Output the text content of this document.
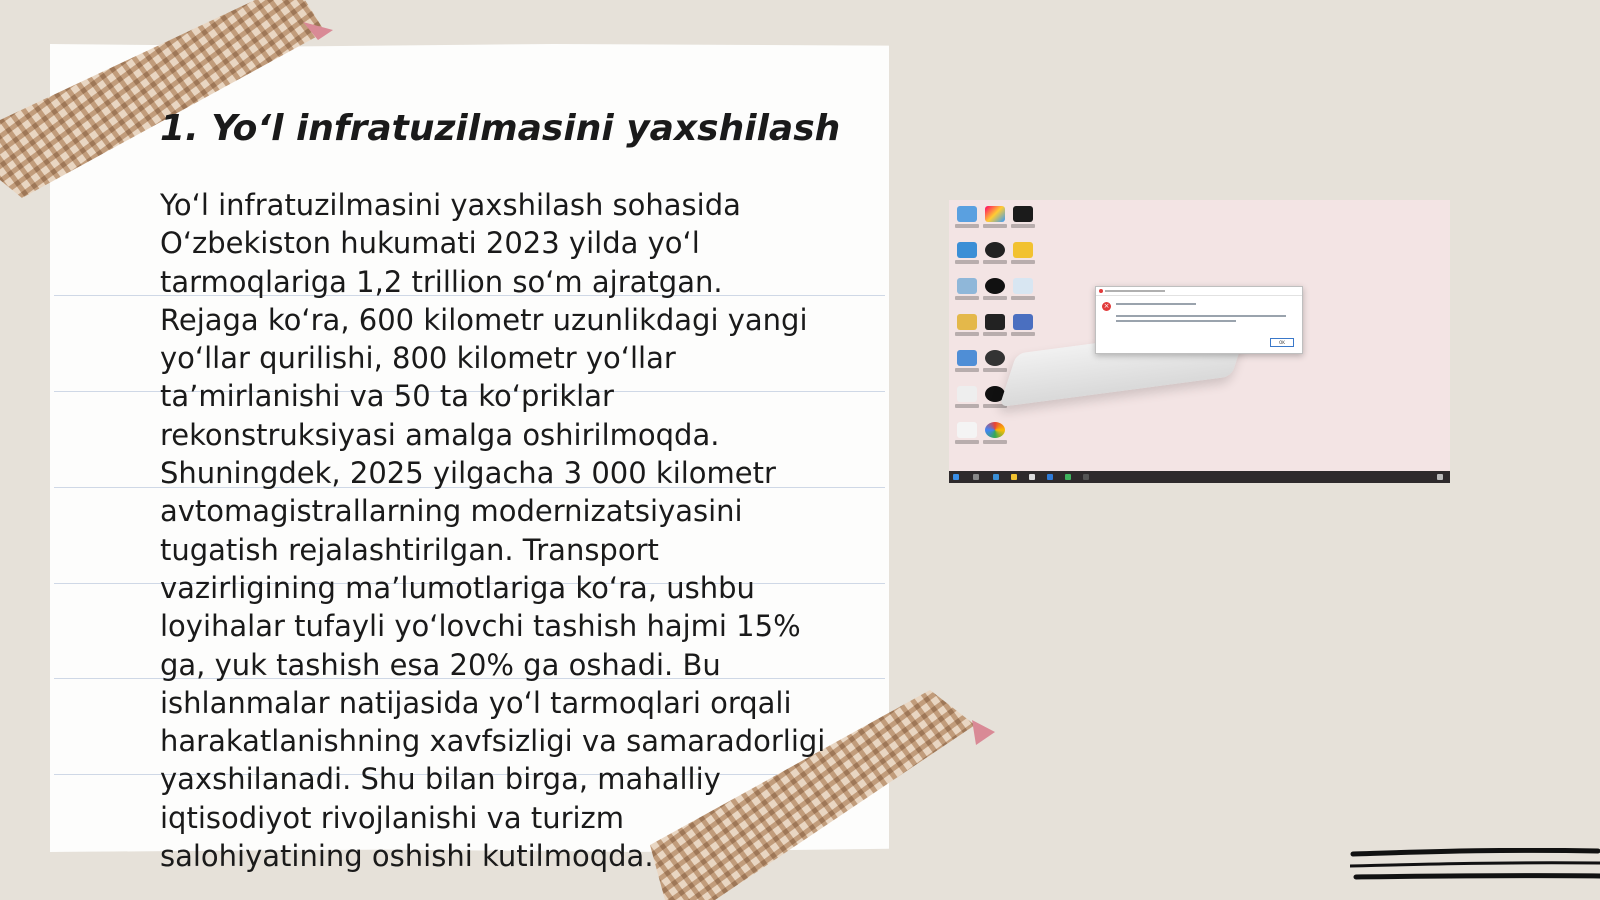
1. Yo‘l infratuzilmasini yaxshilash

Yo‘l infratuzilmasini yaxshilash sohasida O‘zbekiston hukumati 2023 yilda yo‘l tarmoqlariga 1,2 trillion so‘m ajratgan. Rejaga ko‘ra, 600 kilometr uzunlikdagi yangi yo‘llar qurilishi, 800 kilometr yo‘llar ta’mirlanishi va 50 ta ko‘priklar rekonstruksiyasi amalga oshirilmoqda. Shuningdek, 2025 yilgacha 3 000 kilometr avtomagistrallarning modernizatsiyasini tugatish rejalashtirilgan. Transport vazirligining ma’lumotlariga ko‘ra, ushbu loyihalar tufayli yo‘lovchi tashish hajmi 15% ga, yuk tashish esa 20% ga oshadi. Bu ishlanmalar natijasida yo‘l tarmoqlari orqali harakatlanishning xavfsizligi va samaradorligi yaxshilanadi. Shu bilan birga, mahalliy iqtisodiyot rivojlanishi va turizm salohiyatining oshishi kutilmoqda.

×
OK
